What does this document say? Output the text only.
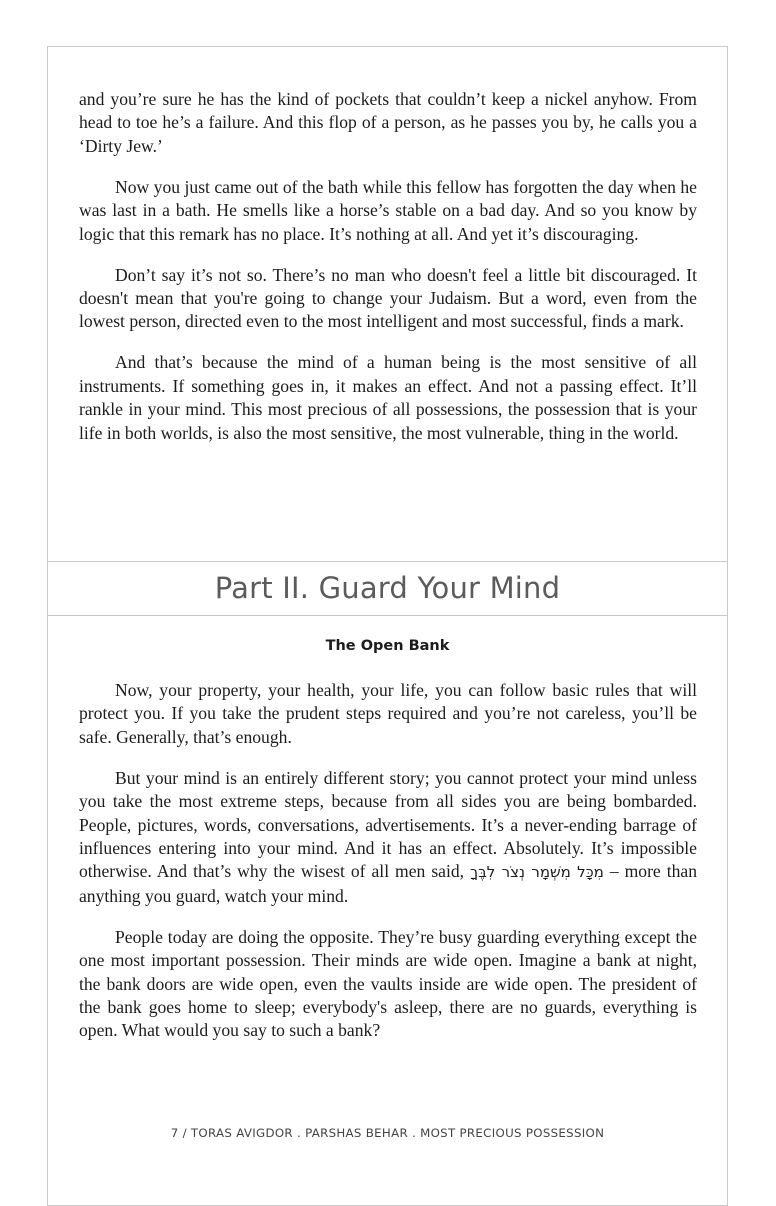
and you’re sure he has the kind of pockets that couldn’t keep a nickel anyhow. From head to toe he’s a failure. And this flop of a person, as he passes you by, he calls you a ‘Dirty Jew.’

Now you just came out of the bath while this fellow has forgotten the day when he was last in a bath. He smells like a horse’s stable on a bad day. And so you know by logic that this remark has no place. It’s nothing at all. And yet it’s discouraging.

Don’t say it’s not so. There’s no man who doesn't feel a little bit discouraged. It doesn't mean that you're going to change your Judaism. But a word, even from the lowest person, directed even to the most intelligent and most successful, finds a mark.

And that’s because the mind of a human being is the most sensitive of all instruments. If something goes in, it makes an effect. And not a passing effect. It’ll rankle in your mind. This most precious of all possessions, the possession that is your life in both worlds, is also the most sensitive, the most vulnerable, thing in the world.

Part II. Guard Your Mind
The Open Bank

Now, your property, your health, your life, you can follow basic rules that will protect you. If you take the prudent steps required and you’re not careless, you’ll be safe. Generally, that’s enough.

But your mind is an entirely different story; you cannot protect your mind unless you take the most extreme steps, because from all sides you are being bombarded. People, pictures, words, conversations, advertisements. It’s a never-ending barrage of influences entering into your mind. And it has an effect. Absolutely. It’s impossible otherwise. And that’s why the wisest of all men said, מִכָּל מִשְׁמָר נְצֹר לִבֶּךָ – more than anything you guard, watch your mind.

People today are doing the opposite. They’re busy guarding everything except the one most important possession. Their minds are wide open. Imagine a bank at night, the bank doors are wide open, even the vaults inside are wide open. The president of the bank goes home to sleep; everybody's asleep, there are no guards, everything is open. What would you say to such a bank?

7 / TORAS AVIGDOR . PARSHAS BEHAR . MOST PRECIOUS POSSESSION
